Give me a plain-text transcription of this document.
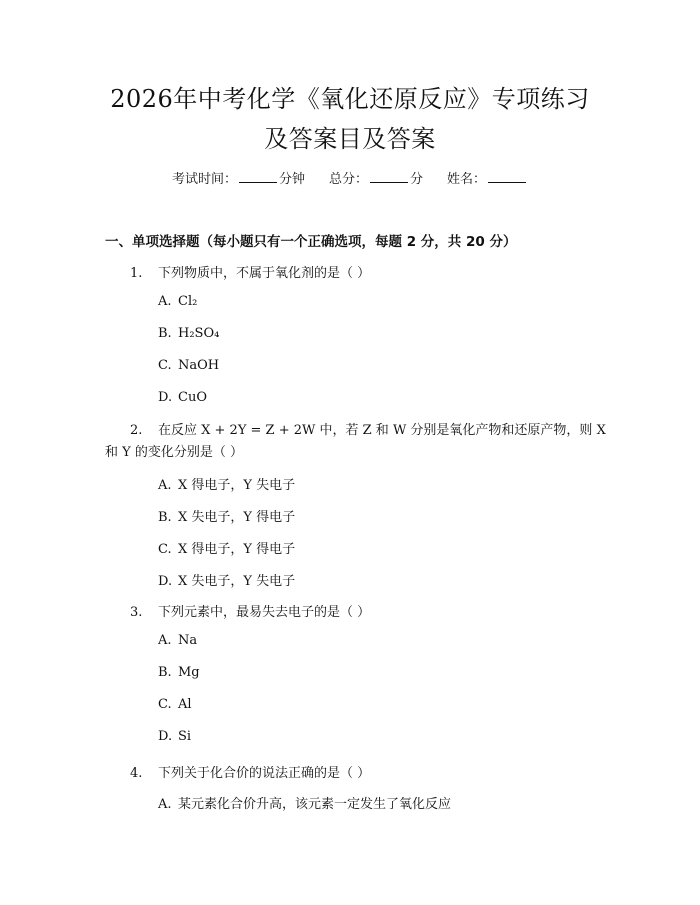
2026年中考化学《氧化还原反应》专项练习
及答案目及答案
考试时间：	分钟 总分：	分 姓名：
一、单项选择题（每小题只有一个正确选项，每题 2 分，共 20 分）
1. 下列物质中，不属于氧化剂的是（ ）
A. Cl₂
B. H₂SO₄
C. NaOH
D. CuO
2. 在反应 X + 2Y = Z + 2W 中，若 Z 和 W 分别是氧化产物和还原产物，则 X
和 Y 的变化分别是（ ）
A. X 得电子，Y 失电子
B. X 失电子，Y 得电子
C. X 得电子，Y 得电子
D. X 失电子，Y 失电子
3. 下列元素中，最易失去电子的是（ ）
A. Na
B. Mg
C. Al
D. Si
4. 下列关于化合价的说法正确的是（ ）
A. 某元素化合价升高，该元素一定发生了氧化反应
